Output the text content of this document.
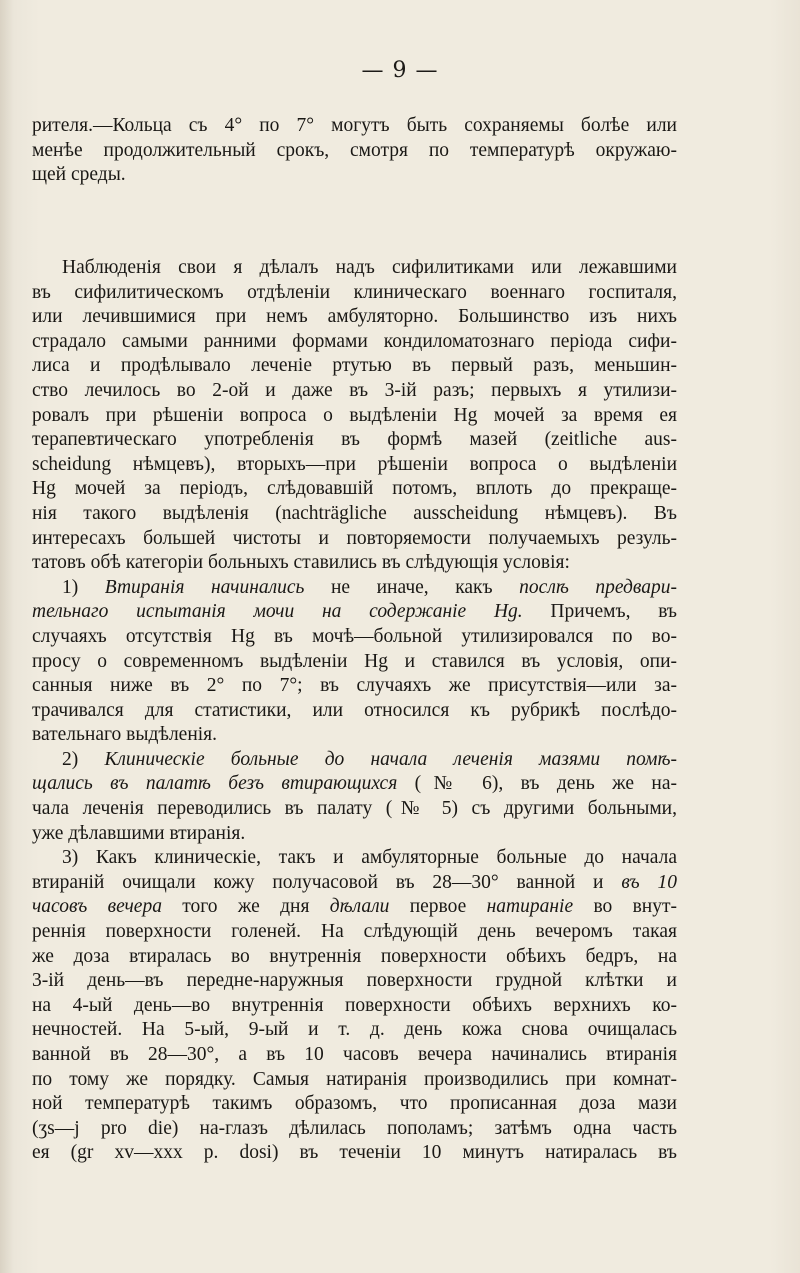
— 9 —
рителя.—Кольца съ 4° по 7° могутъ быть сохраняемы болѣе или
менѣе продолжительный срокъ, смотря по температурѣ окружаю-
щей среды.
Наблюденія свои я дѣлалъ надъ сифилитиками или лежавшими
въ сифилитическомъ отдѣленіи клиническаго военнаго госпиталя,
или лечившимися при немъ амбуляторно. Большинство изъ нихъ
страдало самыми ранними формами кондиломатознаго періода сифи-
лиса и продѣлывало леченіе ртутью въ первый разъ, меньшин-
ство лечилось во 2-ой и даже въ 3-ій разъ; первыхъ я утилизи-
ровалъ при рѣшеніи вопроса о выдѣленіи Hg мочей за время ея
терапевтическаго употребленія въ формѣ мазей (zeitliche aus-
scheidung нѣмцевъ), вторыхъ—при рѣшеніи вопроса о выдѣленіи
Hg мочей за періодъ, слѣдовавшій потомъ, вплоть до прекраще-
нія такого выдѣленія (nachträgliche ausscheidung нѣмцевъ). Въ
интересахъ большей чистоты и повторяемости получаемыхъ резуль-
татовъ обѣ категоріи больныхъ ставились въ слѣдующія условія:
1) Втиранія начинались не иначе, какъ послѣ предвари-
тельнаго испытанія мочи на содержаніе Hg. Причемъ, въ
случаяхъ отсутствія Hg въ мочѣ—больной утилизировался по во-
просу о современномъ выдѣленіи Hg и ставился въ условія, опи-
санныя ниже въ 2° по 7°; въ случаяхъ же присутствія—или за-
трачивался для статистики, или относился къ рубрикѣ послѣдо-
вательнаго выдѣленія.
2) Клиническіе больные до начала леченія мазями помѣ-
щались въ палатѣ безъ втирающихся (№ 6), въ день же на-
чала леченія переводились въ палату (№ 5) съ другими больными,
уже дѣлавшими втиранія.
3) Какъ клиническіе, такъ и амбуляторные больные до начала
втираній очищали кожу получасовой въ 28—30° ванной и въ 10
часовъ вечера того же дня дѣлали первое натираніе во внут-
реннія поверхности голеней. На слѣдующій день вечеромъ такая
же доза втиралась во внутреннія поверхности обѣихъ бедръ, на
3-ій день—въ передне-наружныя поверхности грудной клѣтки и
на 4-ый день—во внутреннія поверхности обѣихъ верхнихъ ко-
нечностей. На 5-ый, 9-ый и т. д. день кожа снова очищалась
ванной въ 28—30°, а въ 10 часовъ вечера начинались втиранія
по тому же порядку. Самыя натиранія производились при комнат-
ной температурѣ такимъ образомъ, что прописанная доза мази
(ʒs—j pro die) на-глазъ дѣлилась пополамъ; затѣмъ одна часть
ея (gr xv—xxx p. dosi) въ теченіи 10 минутъ натиралась въ
